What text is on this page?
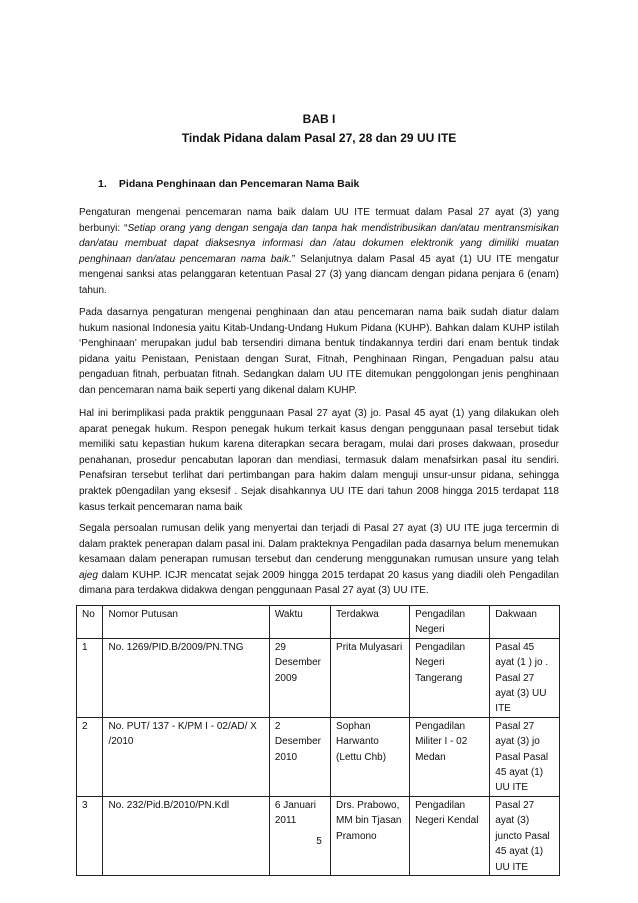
BAB I
Tindak Pidana dalam Pasal 27, 28 dan 29 UU ITE
1. Pidana Penghinaan dan Pencemaran Nama Baik
Pengaturan mengenai pencemaran nama baik dalam UU ITE termuat dalam Pasal 27 ayat (3) yang berbunyi: “Setiap orang yang dengan sengaja dan tanpa hak mendistribusikan dan/atau mentransmisikan dan/atau membuat dapat diaksesnya informasi dan /atau dokumen elektronik yang dimiliki muatan penghinaan dan/atau pencemaran nama baik.” Selanjutnya dalam Pasal 45 ayat (1) UU ITE mengatur mengenai sanksi atas pelanggaran ketentuan Pasal 27 (3) yang diancam dengan pidana penjara 6 (enam) tahun.
Pada dasarnya pengaturan mengenai penghinaan dan atau pencemaran nama baik sudah diatur dalam hukum nasional Indonesia yaitu Kitab-Undang-Undang Hukum Pidana (KUHP). Bahkan dalam KUHP istilah ‘Penghinaan’ merupakan judul bab tersendiri dimana bentuk tindakannya terdiri dari enam bentuk tindak pidana yaitu Penistaan, Penistaan dengan Surat, Fitnah, Penghinaan Ringan, Pengaduan palsu atau pengaduan fitnah, perbuatan fitnah. Sedangkan dalam UU ITE ditemukan penggolongan jenis penghinaan dan pencemaran nama baik seperti yang dikenal dalam KUHP.
Hal ini berimplikasi pada praktik penggunaan Pasal 27 ayat (3) jo. Pasal 45 ayat (1) yang dilakukan oleh aparat penegak hukum. Respon penegak hukum terkait kasus dengan penggunaan pasal tersebut tidak memiliki satu kepastian hukum karena diterapkan secara beragam, mulai dari proses dakwaan, prosedur penahanan, prosedur pencabutan laporan dan mendiasi, termasuk dalam menafsirkan pasal itu sendiri. Penafsiran tersebut terlihat dari pertimbangan para hakim dalam menguji unsur-unsur pidana, sehingga praktek p0engadilan yang eksesif . Sejak disahkannya UU ITE dari tahun 2008 hingga 2015 terdapat 118 kasus terkait pencemaran nama baik
Segala persoalan rumusan delik yang menyertai dan terjadi di Pasal 27 ayat (3) UU ITE juga tercermin di dalam praktek penerapan dalam pasal ini. Dalam prakteknya Pengadilan pada dasarnya belum menemukan kesamaan dalam penerapan rumusan tersebut dan cenderung menggunakan rumusan unsure yang telah ajeg dalam KUHP. ICJR mencatat sejak 2009 hingga 2015 terdapat 20 kasus yang diadili oleh Pengadilan dimana para terdakwa didakwa dengan penggunaan Pasal 27 ayat (3) UU ITE.
No	Nomor Putusan	Waktu	Terdakwa	Pengadilan Negeri	Dakwaan
1	No. 1269/PID.B/2009/PN.TNG	29 Desember 2009	Prita Mulyasari	Pengadilan Negeri Tangerang	Pasal 45 ayat (1 ) jo . Pasal 27 ayat (3) UU ITE
2	No. PUT/ 137 - K/PM I - 02/AD/ X /2010	2 Desember 2010	Sophan Harwanto (Lettu Chb)	Pengadilan Militer I - 02 Medan	Pasal 27 ayat (3) jo Pasal Pasal 45 ayat (1) UU ITE
3	No. 232/Pid.B/2010/PN.Kdl	6 Januari 2011	Drs. Prabowo, MM bin Tjasan Pramono	Pengadilan Negeri Kendal	Pasal 27 ayat (3) juncto Pasal 45 ayat (1) UU ITE
5
